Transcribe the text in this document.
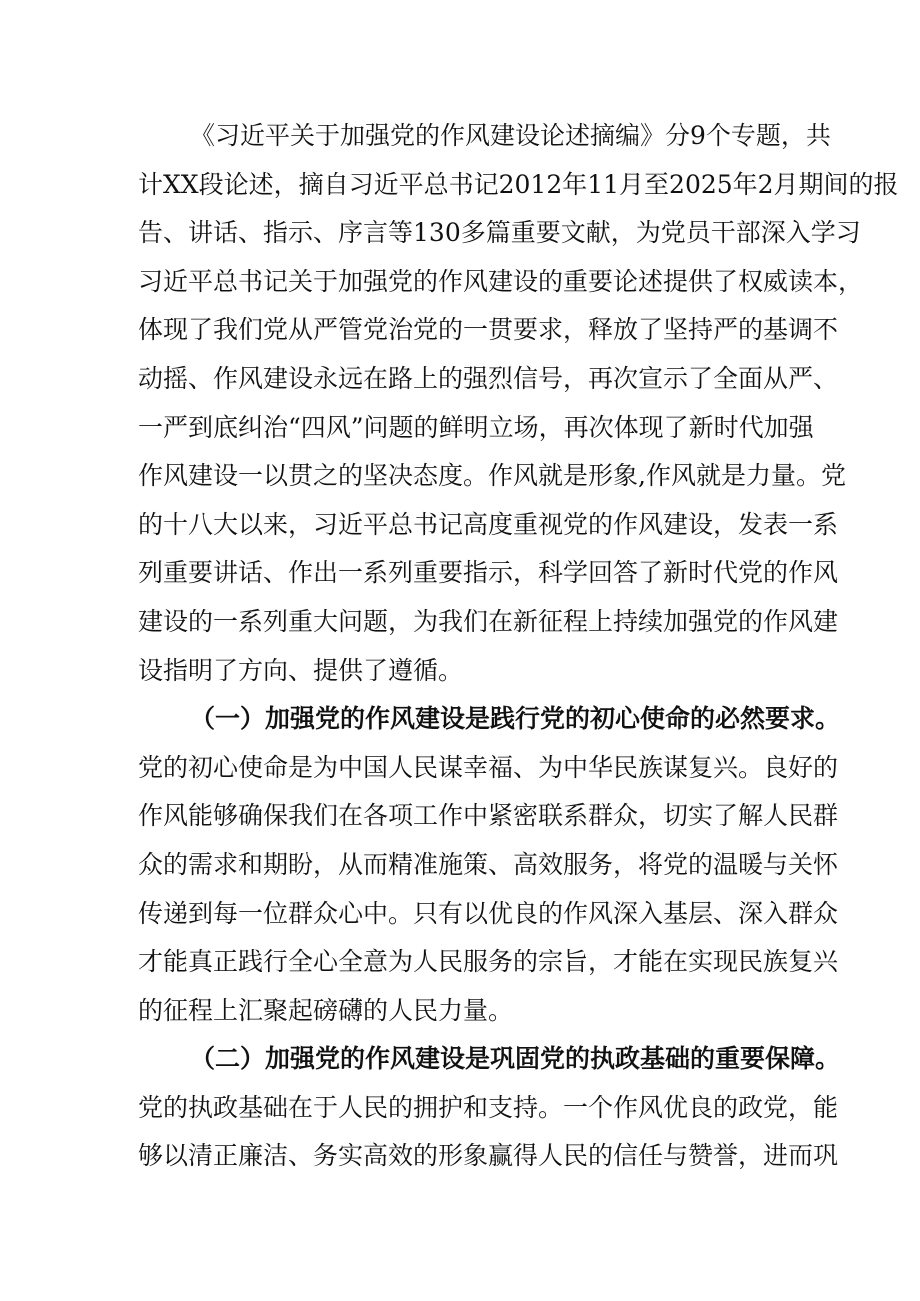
《习近平关于加强党的作风建设论述摘编》分9个专题，共
计XX段论述，摘自习近平总书记2012年11月至2025年2月期间的报
告、讲话、指示、序言等130多篇重要文献，为党员干部深入学习
习近平总书记关于加强党的作风建设的重要论述提供了权威读本，
体现了我们党从严管党治党的一贯要求，释放了坚持严的基调不
动摇、作风建设永远在路上的强烈信号，再次宣示了全面从严、
一严到底纠治“四风”问题的鲜明立场，再次体现了新时代加强
作风建设一以贯之的坚决态度。作风就是形象,作风就是力量。党
的十八大以来，习近平总书记高度重视党的作风建设，发表一系
列重要讲话、作出一系列重要指示，科学回答了新时代党的作风
建设的一系列重大问题，为我们在新征程上持续加强党的作风建
设指明了方向、提供了遵循。
（一）加强党的作风建设是践行党的初心使命的必然要求。
党的初心使命是为中国人民谋幸福、为中华民族谋复兴。良好的
作风能够确保我们在各项工作中紧密联系群众，切实了解人民群
众的需求和期盼，从而精准施策、高效服务，将党的温暖与关怀
传递到每一位群众心中。只有以优良的作风深入基层、深入群众
才能真正践行全心全意为人民服务的宗旨，才能在实现民族复兴
的征程上汇聚起磅礴的人民力量。
（二）加强党的作风建设是巩固党的执政基础的重要保障。
党的执政基础在于人民的拥护和支持。一个作风优良的政党，能
够以清正廉洁、务实高效的形象赢得人民的信任与赞誉，进而巩
